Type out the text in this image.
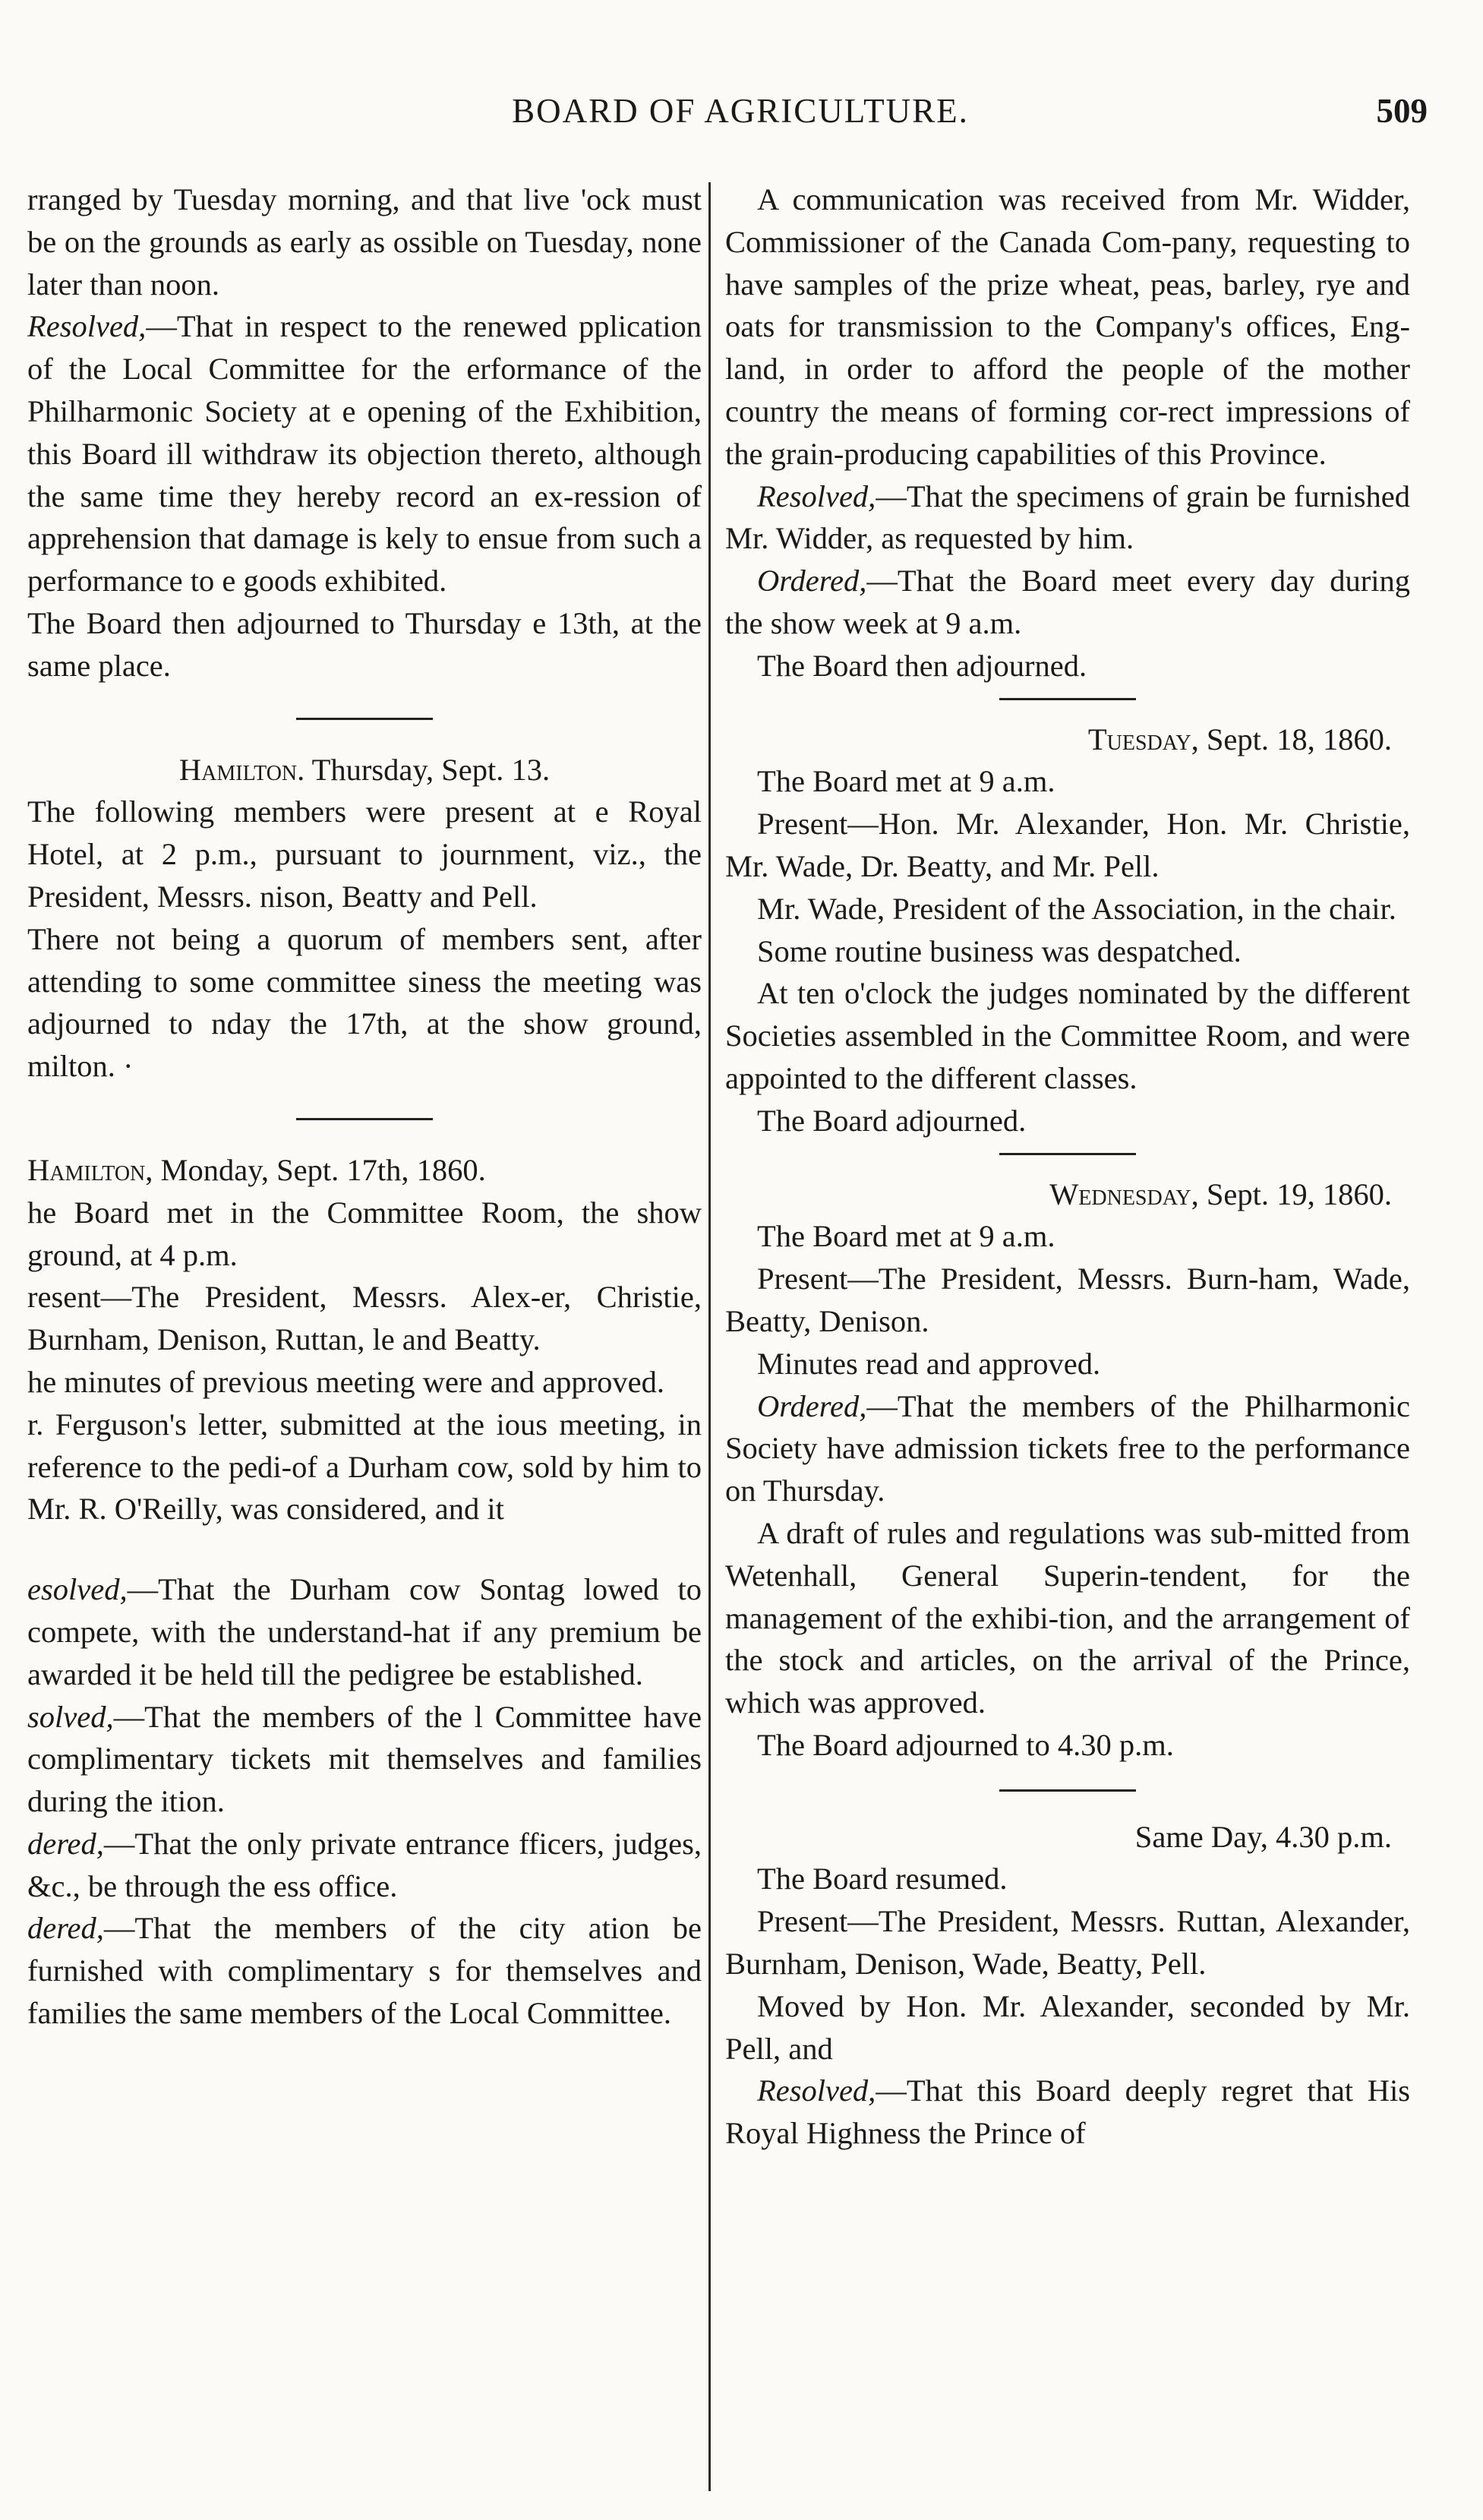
BOARD OF AGRICULTURE.	509

rranged by Tuesday morning, and that live 'ock must be on the grounds as early as ossible on Tuesday, none later than noon.

Resolved,—That in respect to the renewed pplication of the Local Committee for the erformance of the Philharmonic Society at e opening of the Exhibition, this Board ill withdraw its objection thereto, although the same time they hereby record an ex-ression of apprehension that damage is kely to ensue from such a performance to e goods exhibited.

The Board then adjourned to Thursday e 13th, at the same place.

Hamilton. Thursday, Sept. 13.

The following members were present at e Royal Hotel, at 2 p.m., pursuant to journment, viz., the President, Messrs. nison, Beatty and Pell.

There not being a quorum of members sent, after attending to some committee siness the meeting was adjourned to nday the 17th, at the show ground, milton. ·

Hamilton, Monday, Sept. 17th, 1860.

he Board met in the Committee Room, the show ground, at 4 p.m.

resent—The President, Messrs. Alex-er, Christie, Burnham, Denison, Ruttan, le and Beatty.

he minutes of previous meeting were and approved.

r. Ferguson's letter, submitted at the ious meeting, in reference to the pedi-of a Durham cow, sold by him to Mr. R. O'Reilly, was considered, and it

esolved,—That the Durham cow Sontag lowed to compete, with the understand-hat if any premium be awarded it be held till the pedigree be established.

solved,—That the members of the l Committee have complimentary tickets mit themselves and families during the ition.

dered,—That the only private entrance fficers, judges, &c., be through the ess office.

dered,—That the members of the city ation be furnished with complimentary s for themselves and families the same members of the Local Committee.

A communication was received from Mr. Widder, Commissioner of the Canada Com-pany, requesting to have samples of the prize wheat, peas, barley, rye and oats for transmission to the Company's offices, Eng-land, in order to afford the people of the mother country the means of forming cor-rect impressions of the grain-producing capabilities of this Province.

Resolved,—That the specimens of grain be furnished Mr. Widder, as requested by him.

Ordered,—That the Board meet every day during the show week at 9 a.m.

The Board then adjourned.

Tuesday, Sept. 18, 1860.

The Board met at 9 a.m.

Present—Hon. Mr. Alexander, Hon. Mr. Christie, Mr. Wade, Dr. Beatty, and Mr. Pell.

Mr. Wade, President of the Association, in the chair.

Some routine business was despatched.

At ten o'clock the judges nominated by the different Societies assembled in the Committee Room, and were appointed to the different classes.

The Board adjourned.

Wednesday, Sept. 19, 1860.

The Board met at 9 a.m.

Present—The President, Messrs. Burn-ham, Wade, Beatty, Denison.

Minutes read and approved.

Ordered,—That the members of the Philharmonic Society have admission tickets free to the performance on Thursday.

A draft of rules and regulations was sub-mitted from Wetenhall, General Superin-tendent, for the management of the exhibi-tion, and the arrangement of the stock and articles, on the arrival of the Prince, which was approved.

The Board adjourned to 4.30 p.m.

Same Day, 4.30 p.m.

The Board resumed.

Present—The President, Messrs. Ruttan, Alexander, Burnham, Denison, Wade, Beatty, Pell.

Moved by Hon. Mr. Alexander, seconded by Mr. Pell, and

Resolved,—That this Board deeply regret that His Royal Highness the Prince of
